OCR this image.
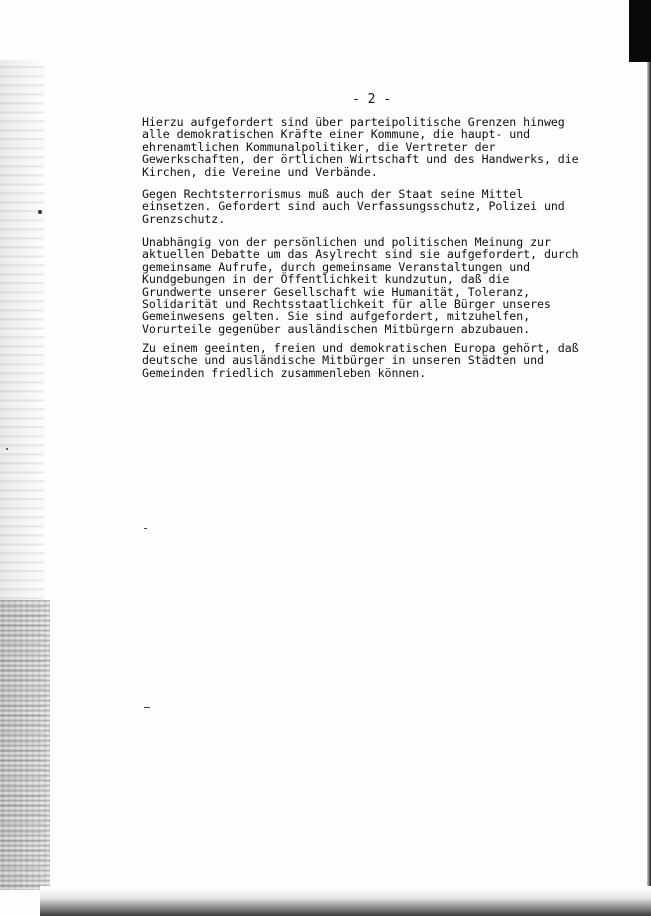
- 2 -
Hierzu aufgefordert sind über parteipolitische Grenzen hinweg
alle demokratischen Kräfte einer Kommune, die haupt- und
ehrenamtlichen Kommunalpolitiker, die Vertreter der
Gewerkschaften, der örtlichen Wirtschaft und des Handwerks, die
Kirchen, die Vereine und Verbände.
Gegen Rechtsterrorismus muß auch der Staat seine Mittel
einsetzen. Gefordert sind auch Verfassungsschutz, Polizei und
Grenzschutz.
Unabhängig von der persönlichen und politischen Meinung zur
aktuellen Debatte um das Asylrecht sind sie aufgefordert, durch
gemeinsame Aufrufe, durch gemeinsame Veranstaltungen und
Kundgebungen in der Öffentlichkeit kundzutun, daß die
Grundwerte unserer Gesellschaft wie Humanität, Toleranz,
Solidarität und Rechtsstaatlichkeit für alle Bürger unseres
Gemeinwesens gelten. Sie sind aufgefordert, mitzuhelfen,
Vorurteile gegenüber ausländischen Mitbürgern abzubauen.
Zu einem geeinten, freien und demokratischen Europa gehört, daß
deutsche und ausländische Mitbürger in unseren Städten und
Gemeinden friedlich zusammenleben können.
